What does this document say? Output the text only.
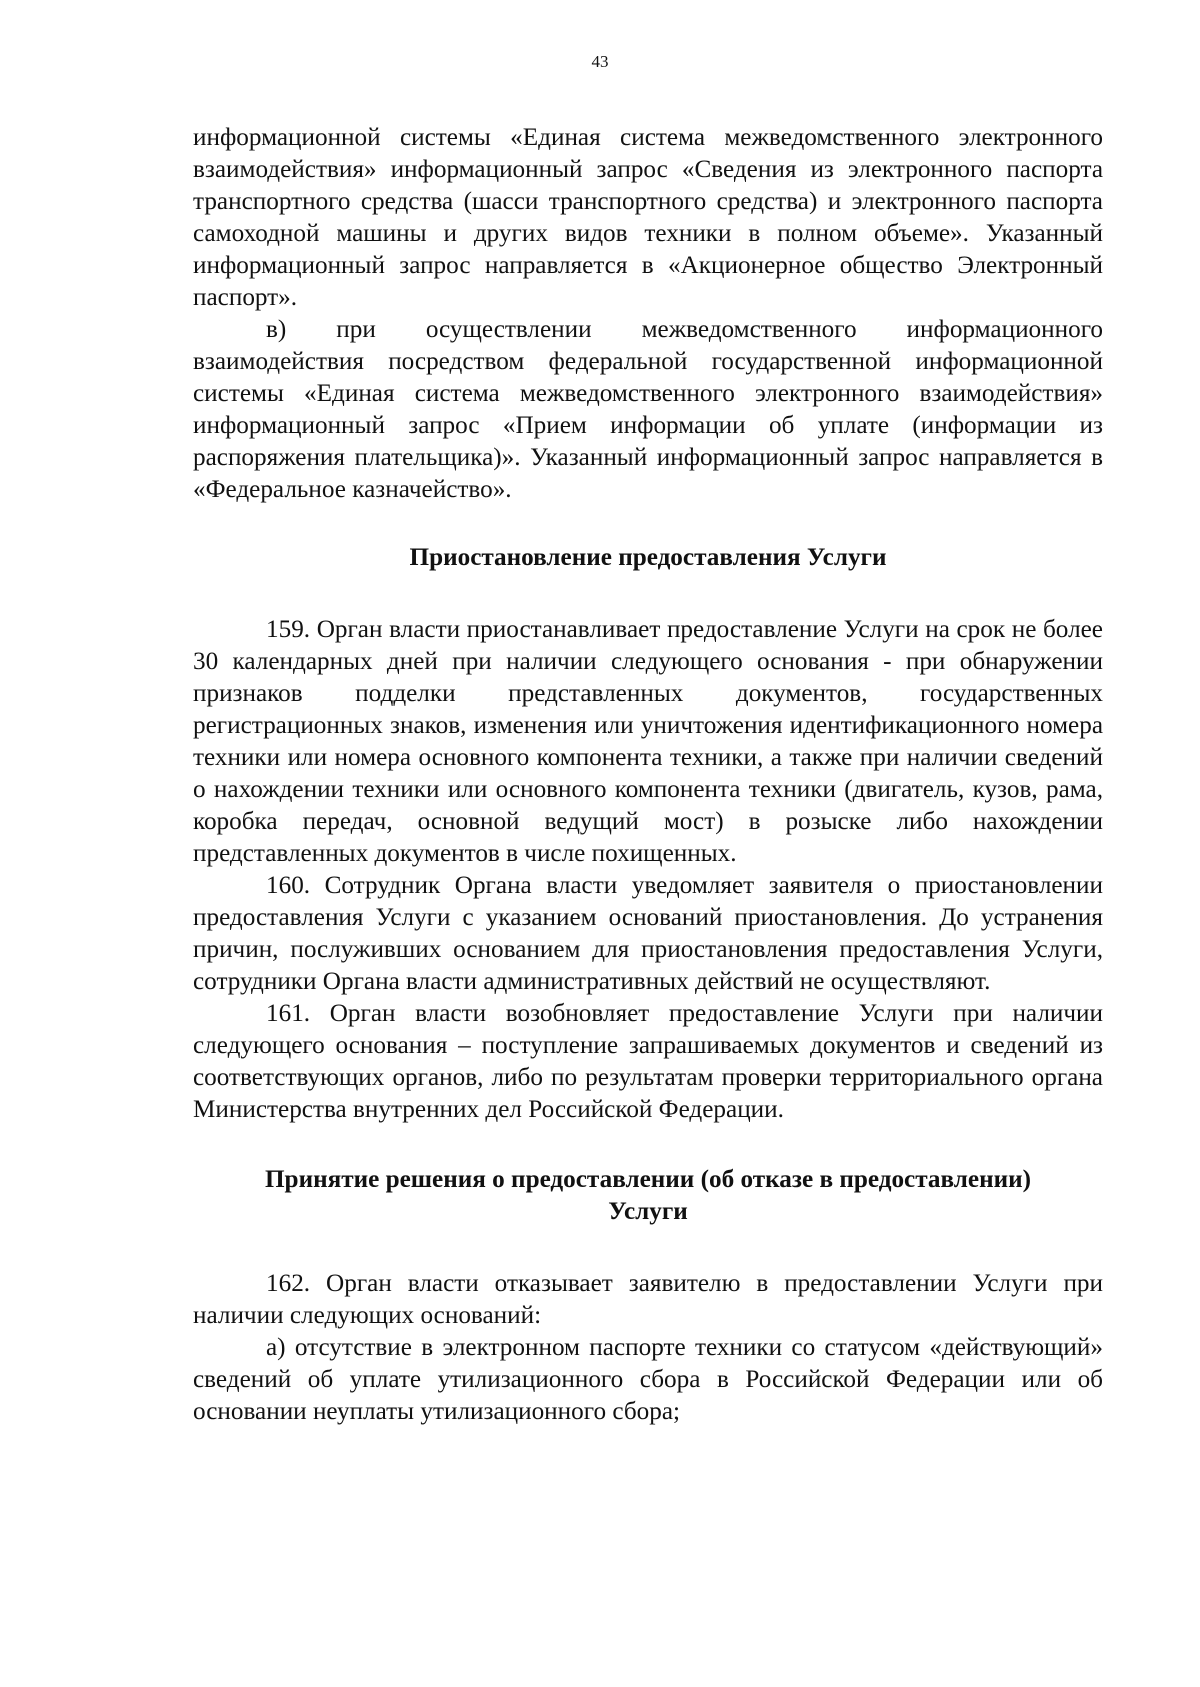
43

информационной системы «Единая система межведомственного электронного взаимодействия» информационный запрос «Сведения из электронного паспорта транспортного средства (шасси транспортного средства) и электронного паспорта самоходной машины и других видов техники в полном объеме». Указанный информационный запрос направляется в «Акционерное общество Электронный паспорт».

в) при осуществлении межведомственного информационного взаимодействия посредством федеральной государственной информационной системы «Единая система межведомственного электронного взаимодействия» информационный запрос «Прием информации об уплате (информации из распоряжения плательщика)». Указанный информационный запрос направляется в «Федеральное казначейство».

Приостановление предоставления Услуги

159. Орган власти приостанавливает предоставление Услуги на срок не более 30 календарных дней при наличии следующего основания - при обнаружении признаков подделки представленных документов, государственных регистрационных знаков, изменения или уничтожения идентификационного номера техники или номера основного компонента техники, а также при наличии сведений о нахождении техники или основного компонента техники (двигатель, кузов, рама, коробка передач, основной ведущий мост) в розыске либо нахождении представленных документов в числе похищенных.

160. Сотрудник Органа власти уведомляет заявителя о приостановлении предоставления Услуги с указанием оснований приостановления. До устранения причин, послуживших основанием для приостановления предоставления Услуги, сотрудники Органа власти административных действий не осуществляют.

161. Орган власти возобновляет предоставление Услуги при наличии следующего основания – поступление запрашиваемых документов и сведений из соответствующих органов, либо по результатам проверки территориального органа Министерства внутренних дел Российской Федерации.

Принятие решения о предоставлении (об отказе в предоставлении)
Услуги

162. Орган власти отказывает заявителю в предоставлении Услуги при наличии следующих оснований:

а) отсутствие в электронном паспорте техники со статусом «действующий» сведений об уплате утилизационного сбора в Российской Федерации или об основании неуплаты утилизационного сбора;
